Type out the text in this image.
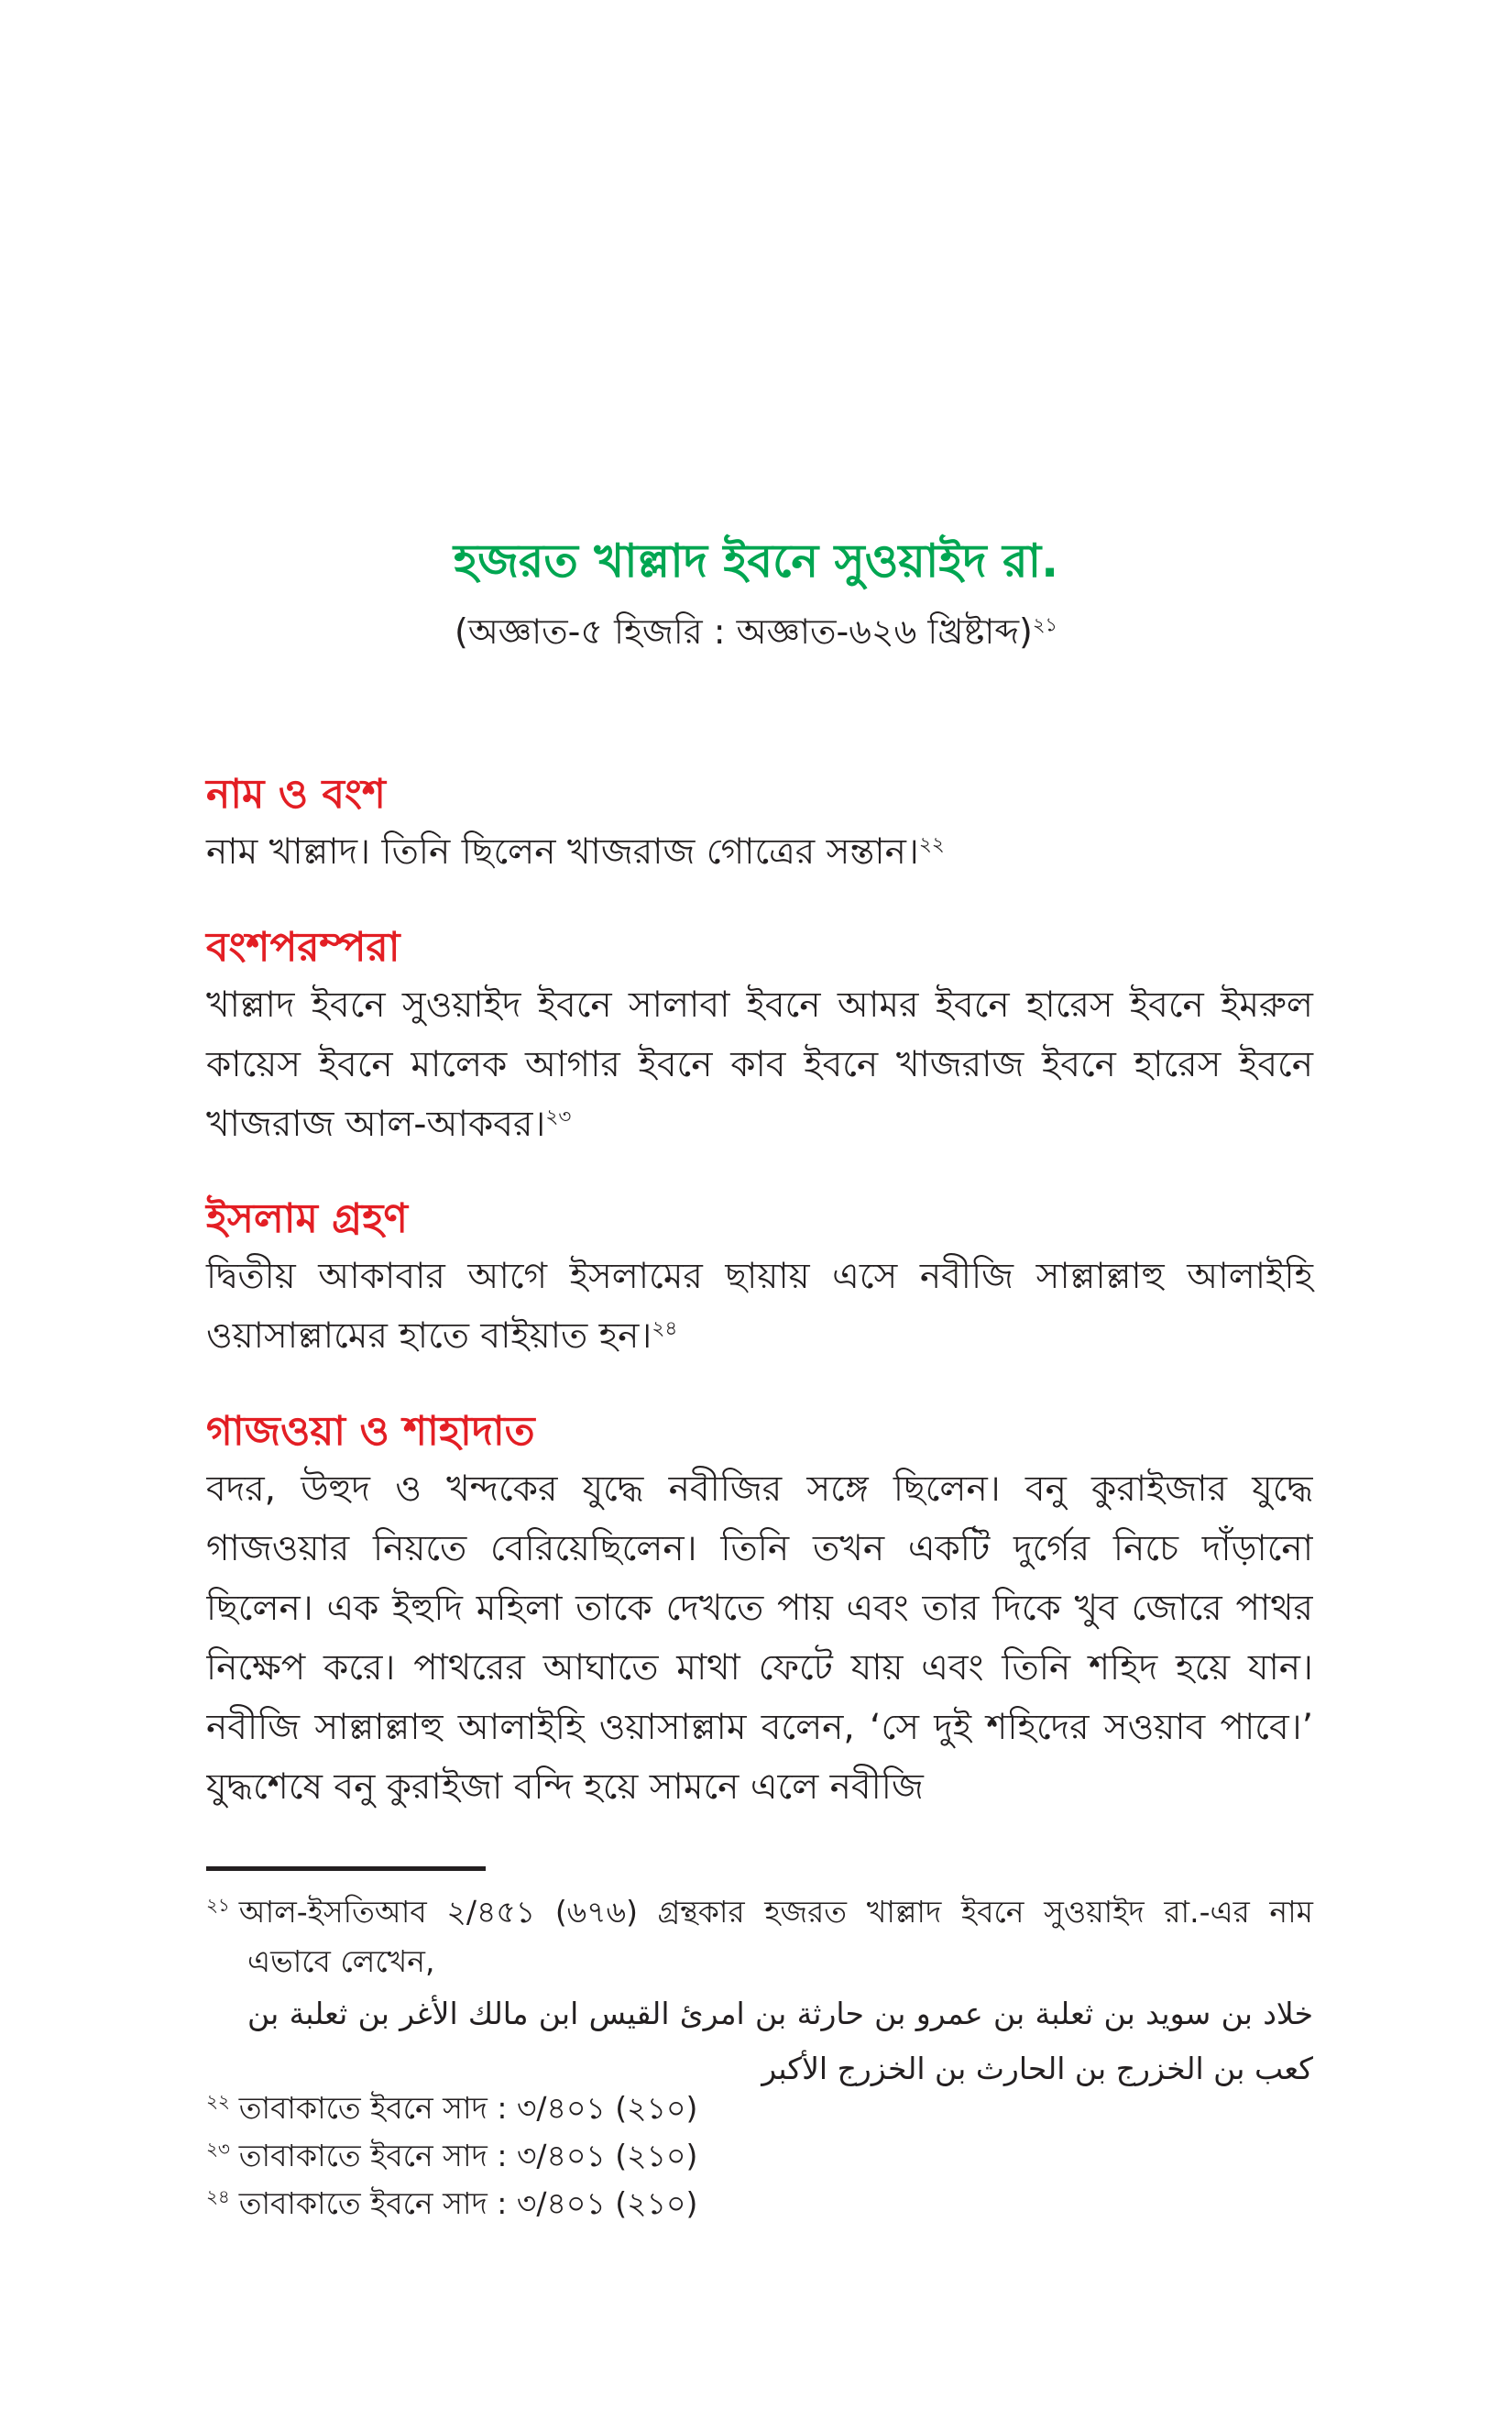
হজরত খাল্লাদ ইবনে সুওয়াইদ রা.
(অজ্ঞাত-৫ হিজরি : অজ্ঞাত-৬২৬ খ্রিষ্টাব্দ)$^{২১}$
নাম ও বংশ
নাম খাল্লাদ। তিনি ছিলেন খাজরাজ গোত্রের সন্তান।$^{২২}$
বংশপরম্পরা
খাল্লাদ ইবনে সুওয়াইদ ইবনে সালাবা ইবনে আমর ইবনে হারেস ইবনে ইমরুল কায়েস ইবনে মালেক আগার ইবনে কাব ইবনে খাজরাজ ইবনে হারেস ইবনে খাজরাজ আল-আকবর।$^{২৩}$
ইসলাম গ্রহণ
দ্বিতীয় আকাবার আগে ইসলামের ছায়ায় এসে নবীজি সাল্লাল্লাহু আলাইহি ওয়াসাল্লামের হাতে বাইয়াত হন।$^{২৪}$
গাজওয়া ও শাহাদাত
বদর, উহুদ ও খন্দকের যুদ্ধে নবীজির সঙ্গে ছিলেন। বনু কুরাইজার যুদ্ধে গাজওয়ার নিয়তে বেরিয়েছিলেন। তিনি তখন একটি দুর্গের নিচে দাঁড়ানো ছিলেন। এক ইহুদি মহিলা তাকে দেখতে পায় এবং তার দিকে খুব জোরে পাথর নিক্ষেপ করে। পাথরের আঘাতে মাথা ফেটে যায় এবং তিনি শহিদ হয়ে যান। নবীজি সাল্লাল্লাহু আলাইহি ওয়াসাল্লাম বলেন, ‘সে দুই শহিদের সওয়াব পাবে।’ যুদ্ধশেষে বনু কুরাইজা বন্দি হয়ে সামনে এলে নবীজি
$^{২১}$ আল-ইসতিআব ২/৪৫১ (৬৭৬) গ্রন্থকার হজরত খাল্লাদ ইবনে সুওয়াইদ রা.-এর নাম এভাবে লেখেন,
خلاد بن سويد بن ثعلبة بن عمرو بن حارثة بن امرئ القيس ابن مالك الأغر بن ثعلبة بن كعب بن الخزرج بن الحارث بن الخزرج الأكبر
$^{২২}$ তাবাকাতে ইবনে সাদ : ৩/৪০১ (২১০)
$^{২৩}$ তাবাকাতে ইবনে সাদ : ৩/৪০১ (২১০)
$^{২৪}$ তাবাকাতে ইবনে সাদ : ৩/৪০১ (২১০)
